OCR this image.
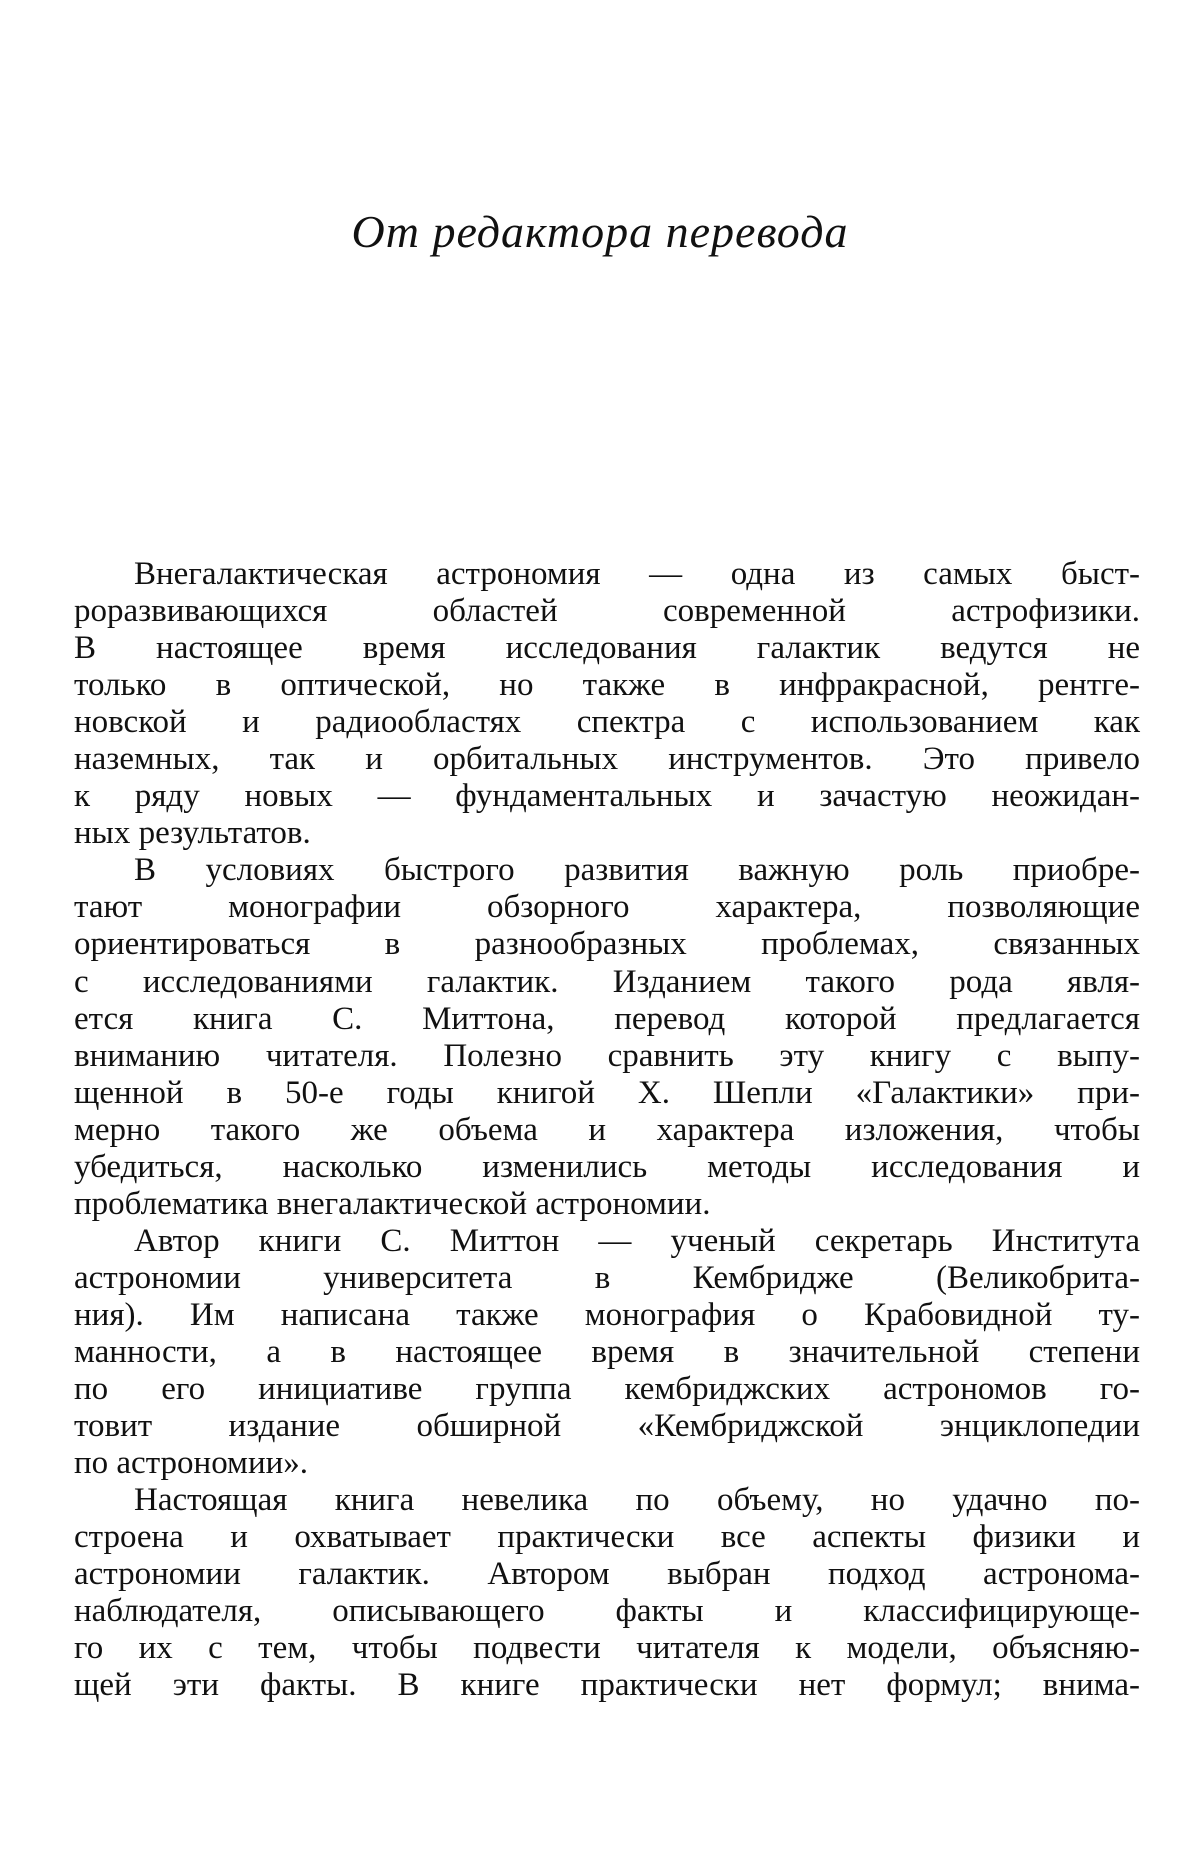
От редактора перевода
Внегалактическая астрономия — одна из самых быст-
роразвивающихся областей современной астрофизики.
В настоящее время исследования галактик ведутся не
только в оптической, но также в инфракрасной, рентге-
новской и радиообластях спектра с использованием как
наземных, так и орбитальных инструментов. Это привело
к ряду новых — фундаментальных и зачастую неожидан-
ных результатов.
В условиях быстрого развития важную роль приобре-
тают монографии обзорного характера, позволяющие
ориентироваться в разнообразных проблемах, связанных
с исследованиями галактик. Изданием такого рода явля-
ется книга С. Миттона, перевод которой предлагается
вниманию читателя. Полезно сравнить эту книгу с выпу-
щенной в 50-е годы книгой Х. Шепли «Галактики» при-
мерно такого же объема и характера изложения, чтобы
убедиться, насколько изменились методы исследования и
проблематика внегалактической астрономии.
Автор книги С. Миттон — ученый секретарь Института
астрономии университета в Кембридже (Великобрита-
ния). Им написана также монография о Крабовидной ту-
манности, а в настоящее время в значительной степени
по его инициативе группа кембриджских астрономов го-
товит издание обширной «Кембриджской энциклопедии
по астрономии».
Настоящая книга невелика по объему, но удачно по-
строена и охватывает практически все аспекты физики и
астрономии галактик. Автором выбран подход астронома-
наблюдателя, описывающего факты и классифицирующе-
го их с тем, чтобы подвести читателя к модели, объясняю-
щей эти факты. В книге практически нет формул; внима-
